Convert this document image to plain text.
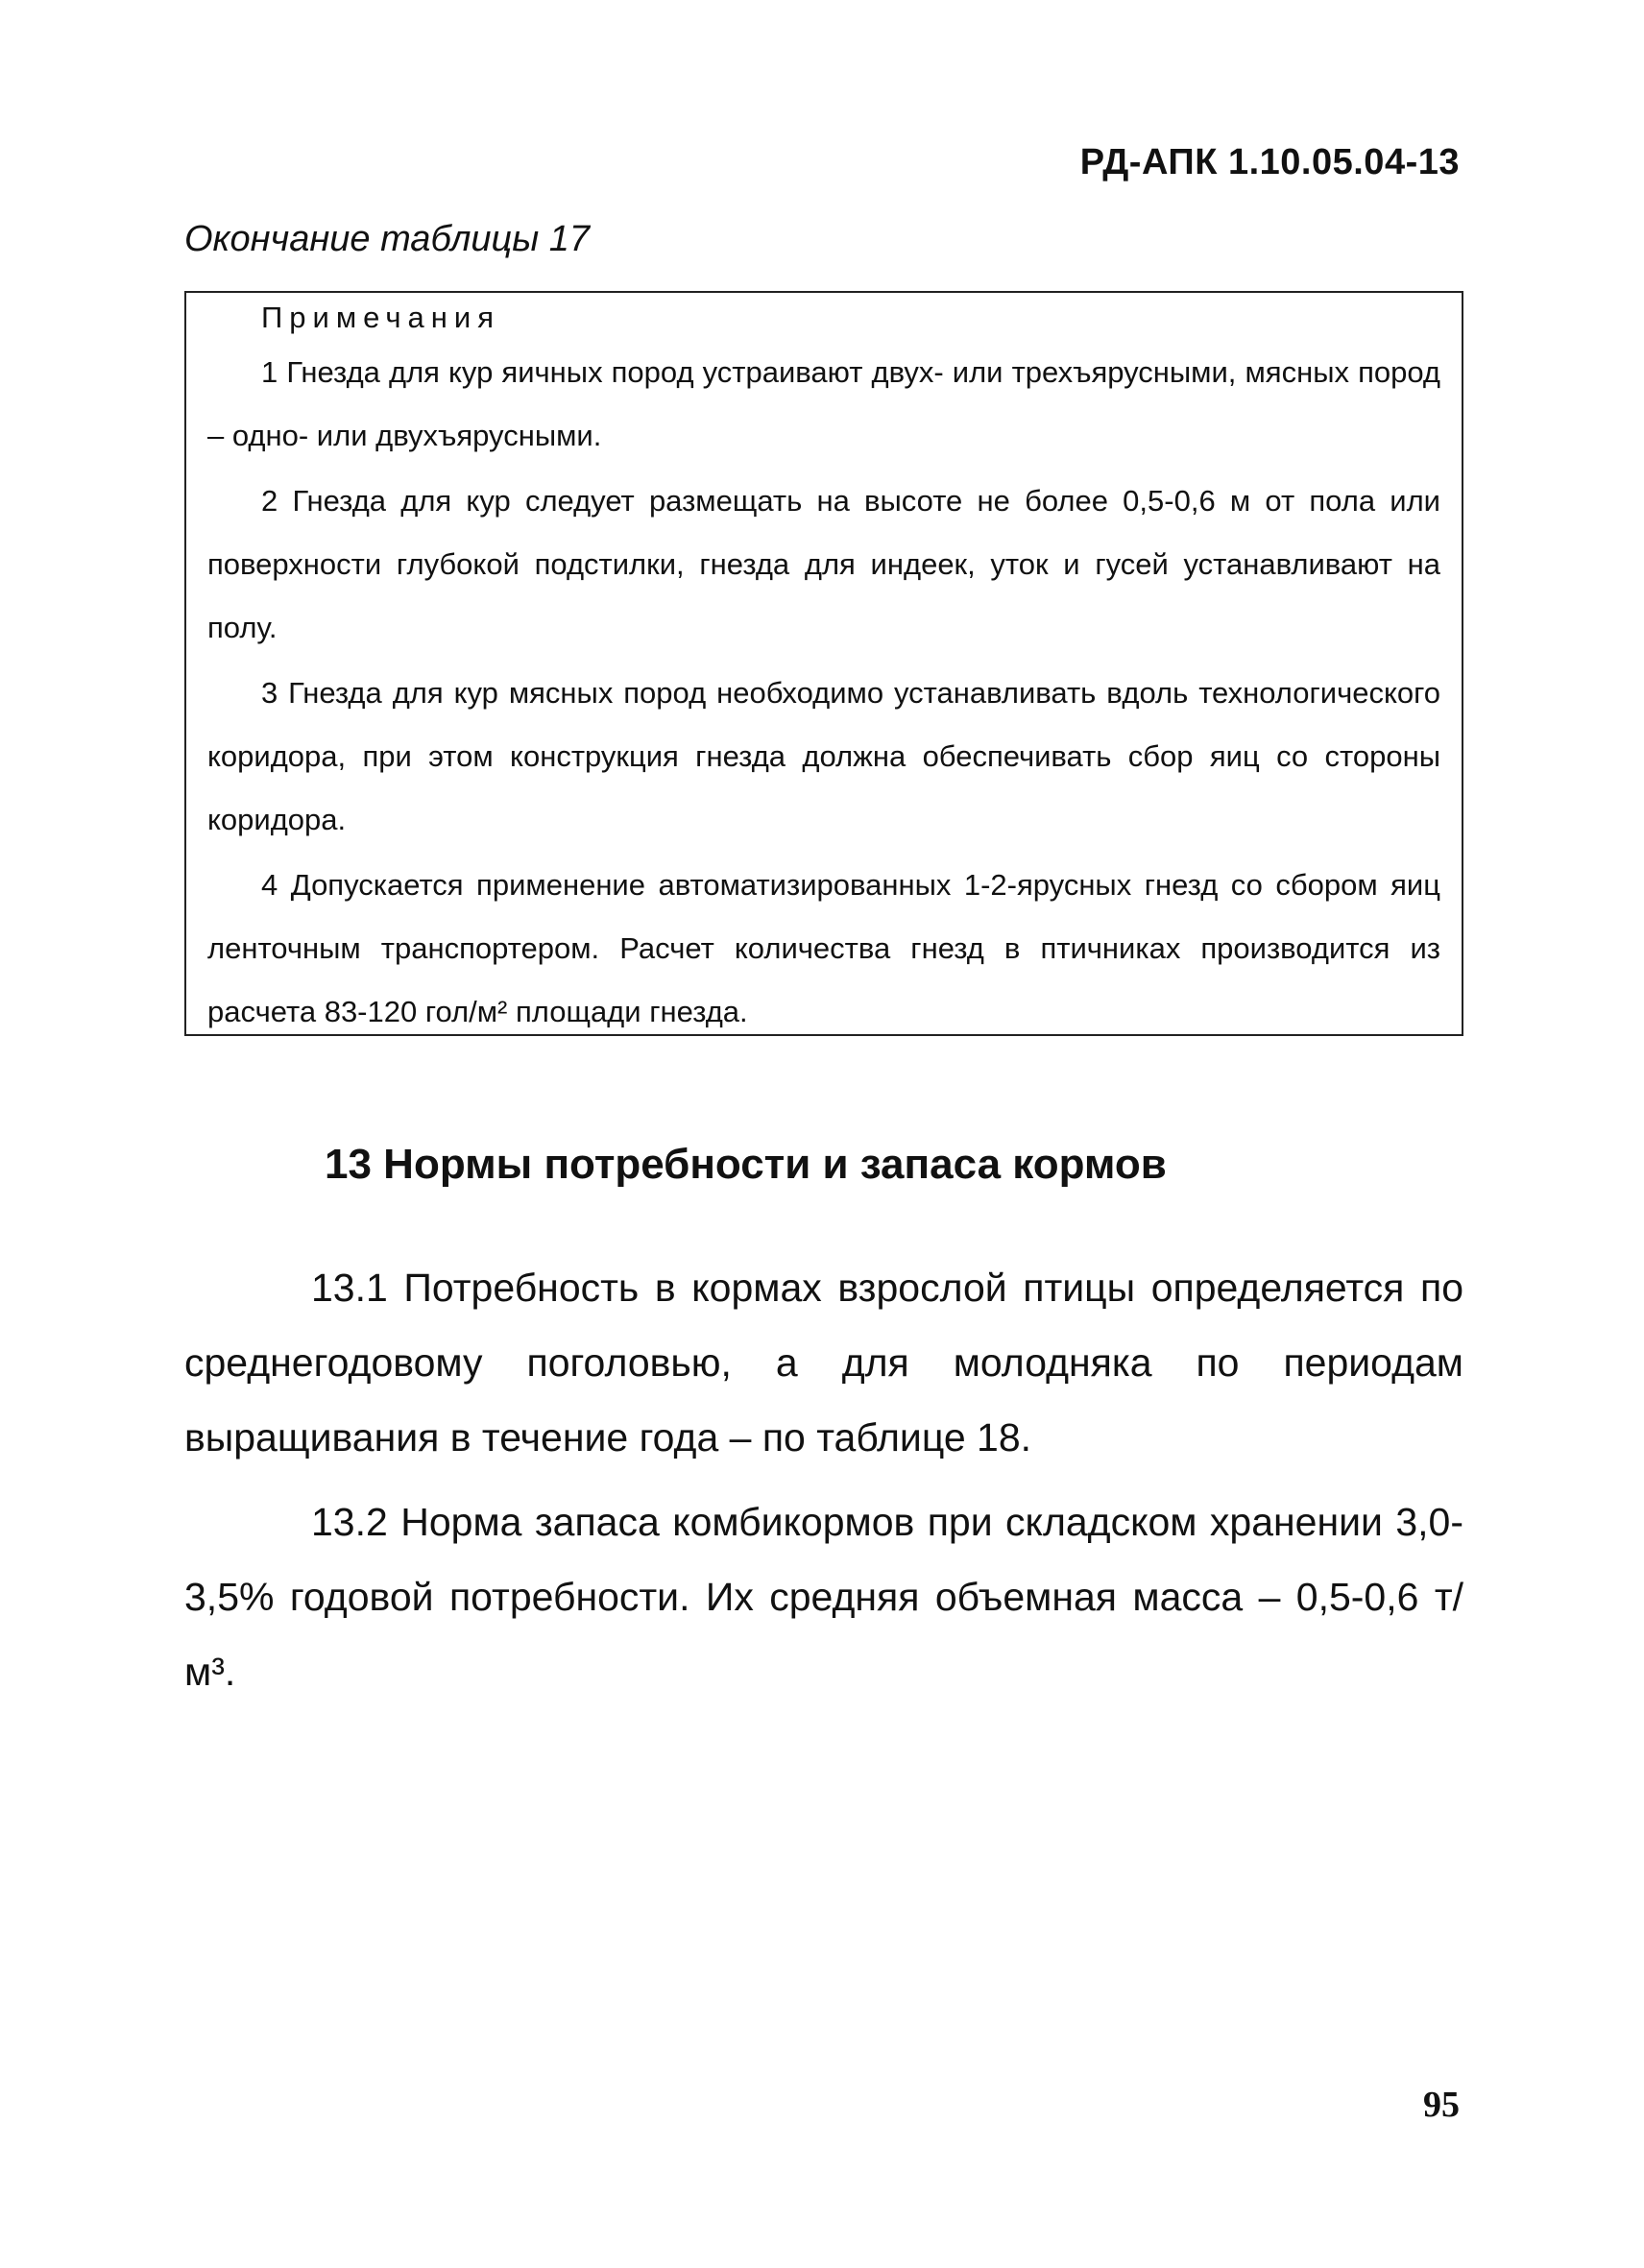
РД-АПК 1.10.05.04-13
Окончание таблицы 17
Примечания
1 Гнезда для кур яичных пород устраивают двух- или трехъярусными, мясных пород – одно- или двухъярусными.
2 Гнезда для кур следует размещать на высоте не более 0,5-0,6 м от пола или поверхности глубокой подстилки, гнезда для индеек, уток и гусей устанавливают на полу.
3 Гнезда для кур мясных пород необходимо устанавливать вдоль технологического коридора, при этом конструкция гнезда должна обеспечивать сбор яиц со стороны коридора.
4 Допускается применение автоматизированных 1-2-ярусных гнезд со сбором яиц ленточным транспортером. Расчет количества гнезд в птичниках производится из расчета 83-120 гол/м² площади гнезда.
13 Нормы потребности и запаса кормов

13.1 Потребность в кормах взрослой птицы определяется по среднегодовому поголовью, а для молодняка по периодам выращивания в течение года – по таблице 18.

13.2 Норма запаса комбикормов при складском хранении 3,0-3,5% годовой потребности. Их средняя объемная масса – 0,5-0,6 т/м³.

95
